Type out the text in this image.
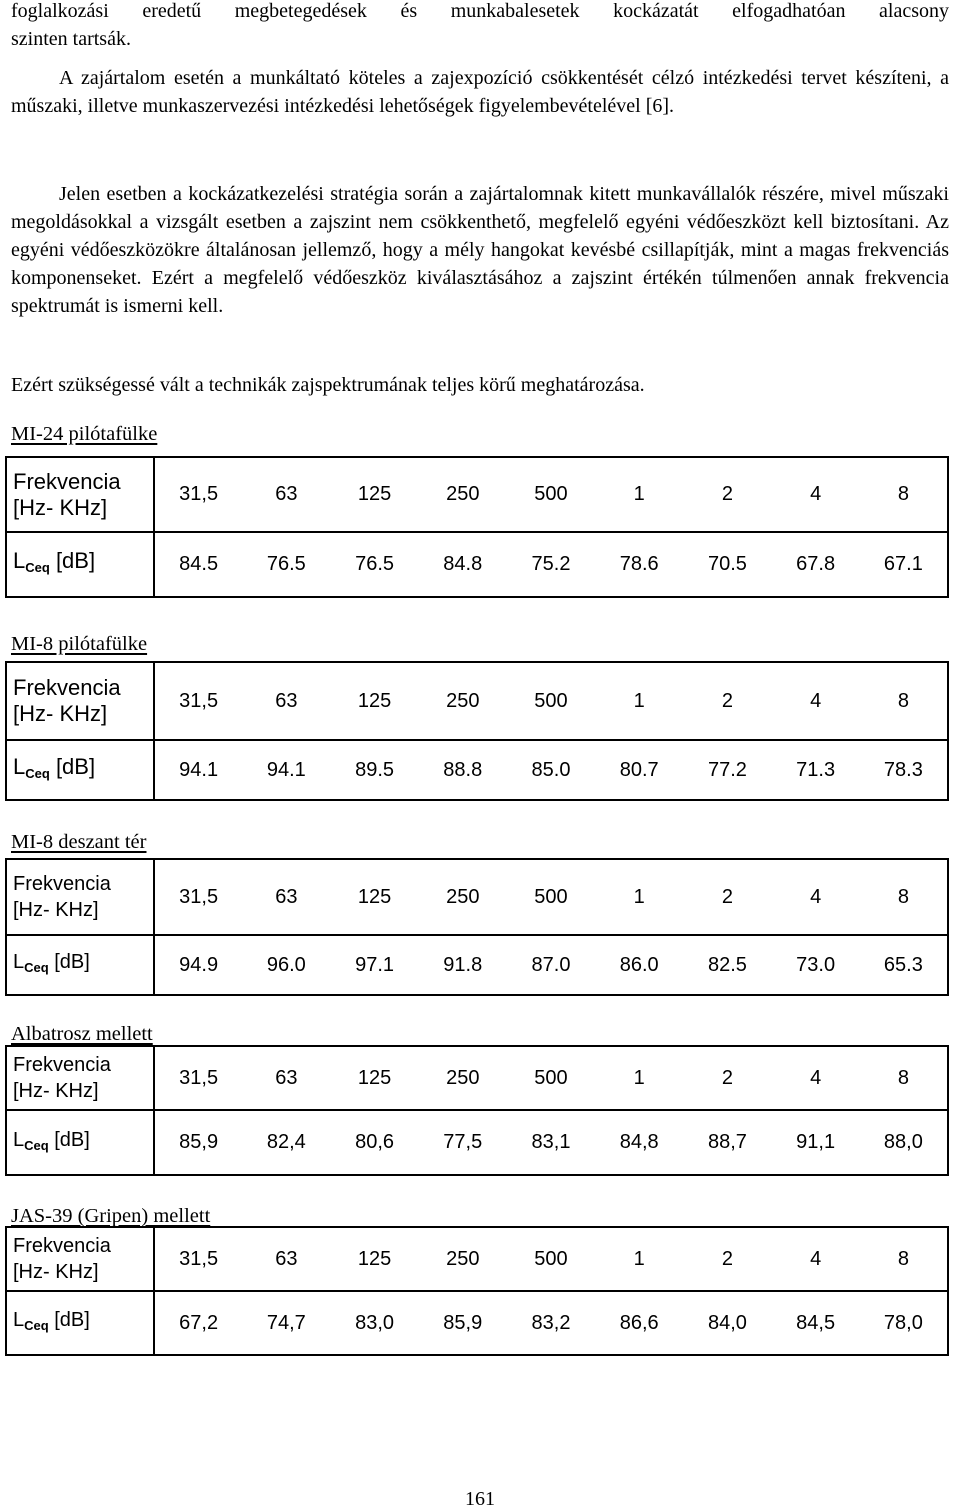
foglalkozási eredetű megbetegedések és munkabalesetek kockázatát elfogadhatóan alacsony

szinten tartsák.

A zajártalom esetén a munkáltató köteles a zajexpozíció csökkentését célzó intézkedési tervet készíteni, a műszaki, illetve munkaszervezési intézkedési lehetőségek figyelembevételével [6].

Jelen esetben a kockázatkezelési stratégia során a zajártalomnak kitett munkavállalók részére, mivel műszaki megoldásokkal a vizsgált esetben a zajszint nem csökkenthető, megfelelő egyéni védőeszközt kell biztosítani. Az egyéni védőeszközökre általánosan jellemző, hogy a mély hangokat kevésbé csillapítják, mint a magas frekvenciás komponenseket. Ezért a megfelelő védőeszköz kiválasztásához a zajszint értékén túlmenően annak frekvencia spektrumát is ismerni kell.

Ezért szükségessé vált a technikák zajspektrumának teljes körű meghatározása.

MI-24 pilótafülke

Frekvencia
[Hz- KHz]	31,5	63	125	250	500	1	2	4	8
$L_{Ceq}$ [dB]	84.5	76.5	76.5	84.8	75.2	78.6	70.5	67.8	67.1

MI-8 pilótafülke

Frekvencia
[Hz- KHz]	31,5	63	125	250	500	1	2	4	8
$L_{Ceq}$ [dB]	94.1	94.1	89.5	88.8	85.0	80.7	77.2	71.3	78.3

MI-8 deszant tér

Frekvencia
[Hz- KHz]	31,5	63	125	250	500	1	2	4	8
$L_{Ceq}$ [dB]	94.9	96.0	97.1	91.8	87.0	86.0	82.5	73.0	65.3

Albatrosz mellett

Frekvencia
[Hz- KHz]	31,5	63	125	250	500	1	2	4	8
$L_{Ceq}$ [dB]	85,9	82,4	80,6	77,5	83,1	84,8	88,7	91,1	88,0

JAS-39 (Gripen) mellett

Frekvencia
[Hz- KHz]	31,5	63	125	250	500	1	2	4	8
$L_{Ceq}$ [dB]	67,2	74,7	83,0	85,9	83,2	86,6	84,0	84,5	78,0
161
